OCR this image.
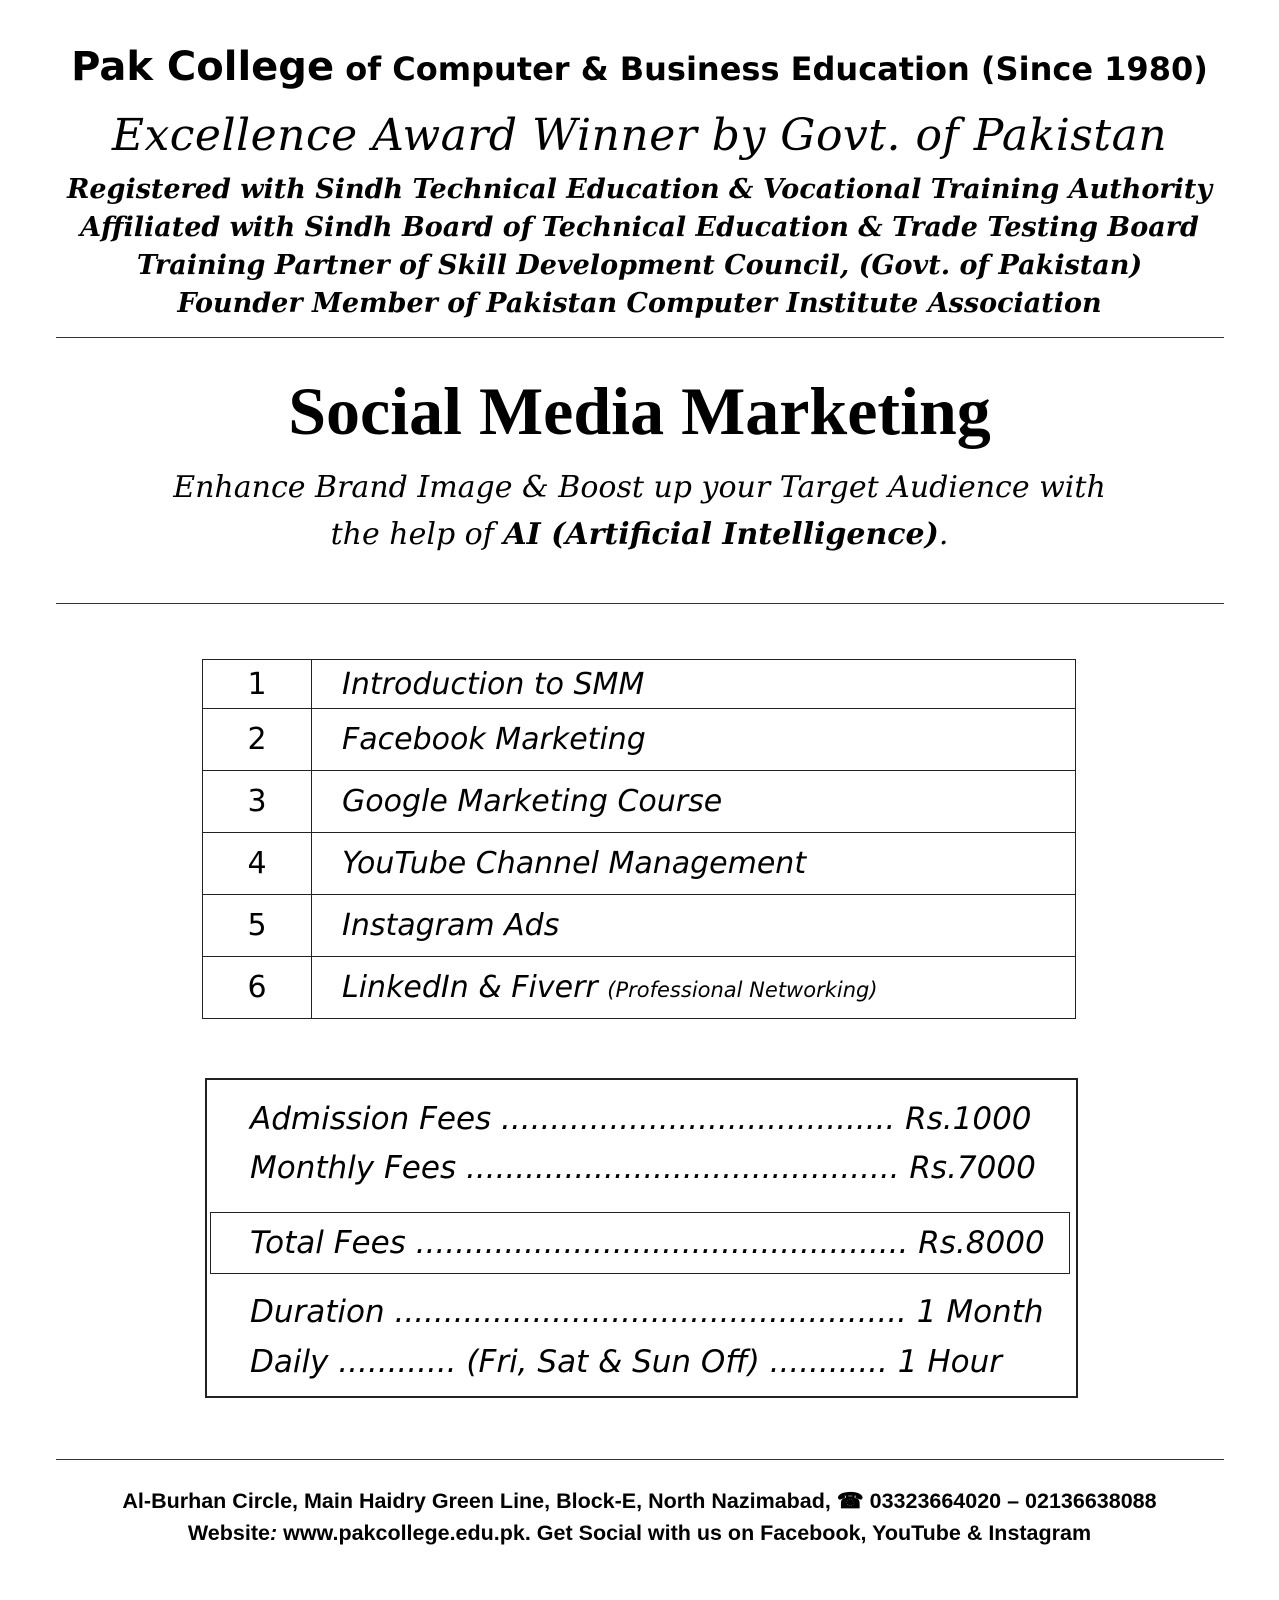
Pak College of Computer & Business Education (Since 1980)
Excellence Award Winner by Govt. of Pakistan
Registered with Sindh Technical Education & Vocational Training Authority
Affiliated with Sindh Board of Technical Education & Trade Testing Board
Training Partner of Skill Development Council, (Govt. of Pakistan)
Founder Member of Pakistan Computer Institute Association
Social Media Marketing
Enhance Brand Image & Boost up your Target Audience with
the help of AI (Artificial Intelligence).
1	Introduction to SMM
2	Facebook Marketing
3	Google Marketing Course
4	YouTube Channel Management
5	Instagram Ads
6	LinkedIn & Fiverr (Professional Networking)
Admission Fees ........................................ Rs.1000
Monthly Fees ............................................ Rs.7000
Total Fees .................................................. Rs.8000
Duration .................................................... 1 Month
Daily ............ (Fri, Sat & Sun Off) ............ 1 Hour
Al-Burhan Circle, Main Haidry Green Line, Block-E, North Nazimabad, ☎ 03323664020 – 02136638088
Website: www.pakcollege.edu.pk. Get Social with us on Facebook, YouTube & Instagram
